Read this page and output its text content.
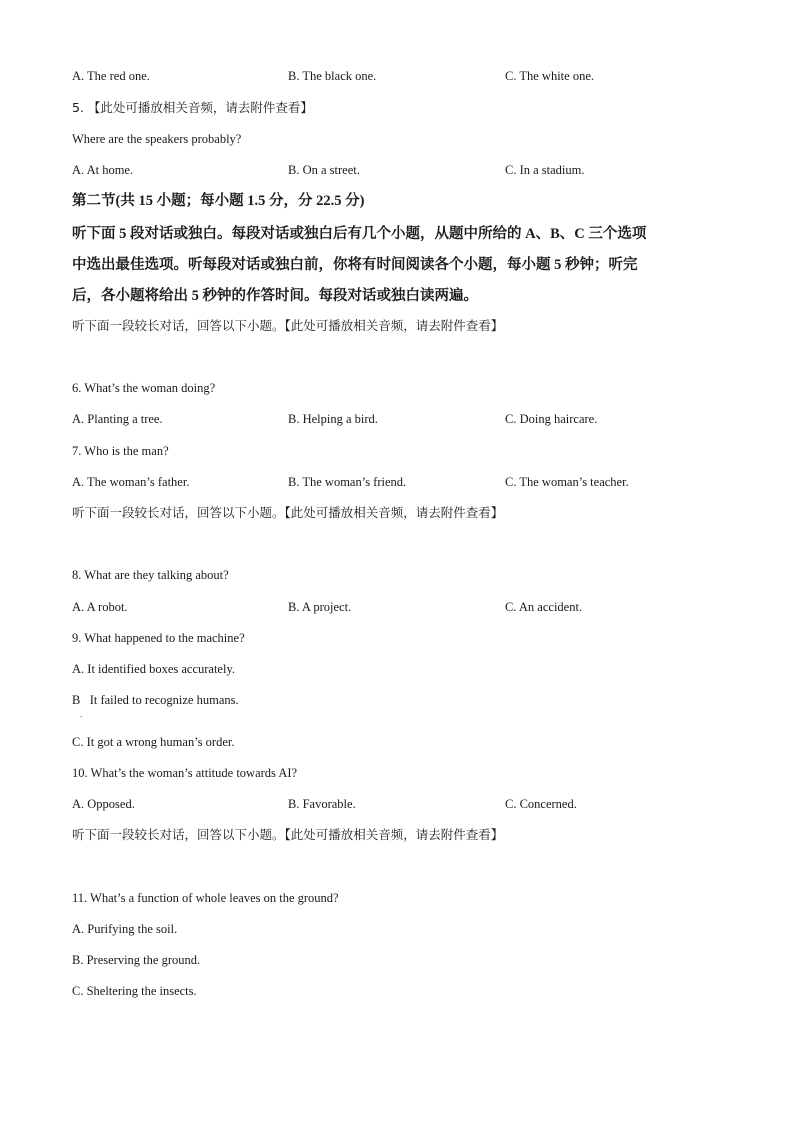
A. The red one.	B. The black one.	C. The white one.
5. 【此处可播放相关音频，请去附件查看】
Where are the speakers probably?
A. At home.	B. On a street.	C. In a stadium.
第二节(共 15 小题；每小题 1.5 分，分 22.5 分)
听下面 5 段对话或独白。每段对话或独白后有几个小题，从题中所给的 A、B、C 三个选项
中选出最佳选项。听每段对话或独白前，你将有时间阅读各个小题，每小题 5 秒钟；听完
后，各小题将给出 5 秒钟的作答时间。每段对话或独白读两遍。
听下面一段较长对话，回答以下小题。【此处可播放相关音频，请去附件查看】
6. What’s the woman doing?
A. Planting a tree.	B. Helping a bird.	C. Doing haircare.
7. Who is the man?
A. The woman’s father.	B. The woman’s friend.	C. The woman’s teacher.
听下面一段较长对话，回答以下小题。【此处可播放相关音频，请去附件查看】
8. What are they talking about?
A. A robot.	B. A project.	C. An accident.
9. What happened to the machine?
A. It identified boxes accurately.
B   It failed to recognize humans.
.
C. It got a wrong human’s order.
10. What’s the woman’s attitude towards AI?
A. Opposed.	B. Favorable.	C. Concerned.
听下面一段较长对话，回答以下小题。【此处可播放相关音频，请去附件查看】
11. What’s a function of whole leaves on the ground?
A. Purifying the soil.
B. Preserving the ground.
C. Sheltering the insects.
